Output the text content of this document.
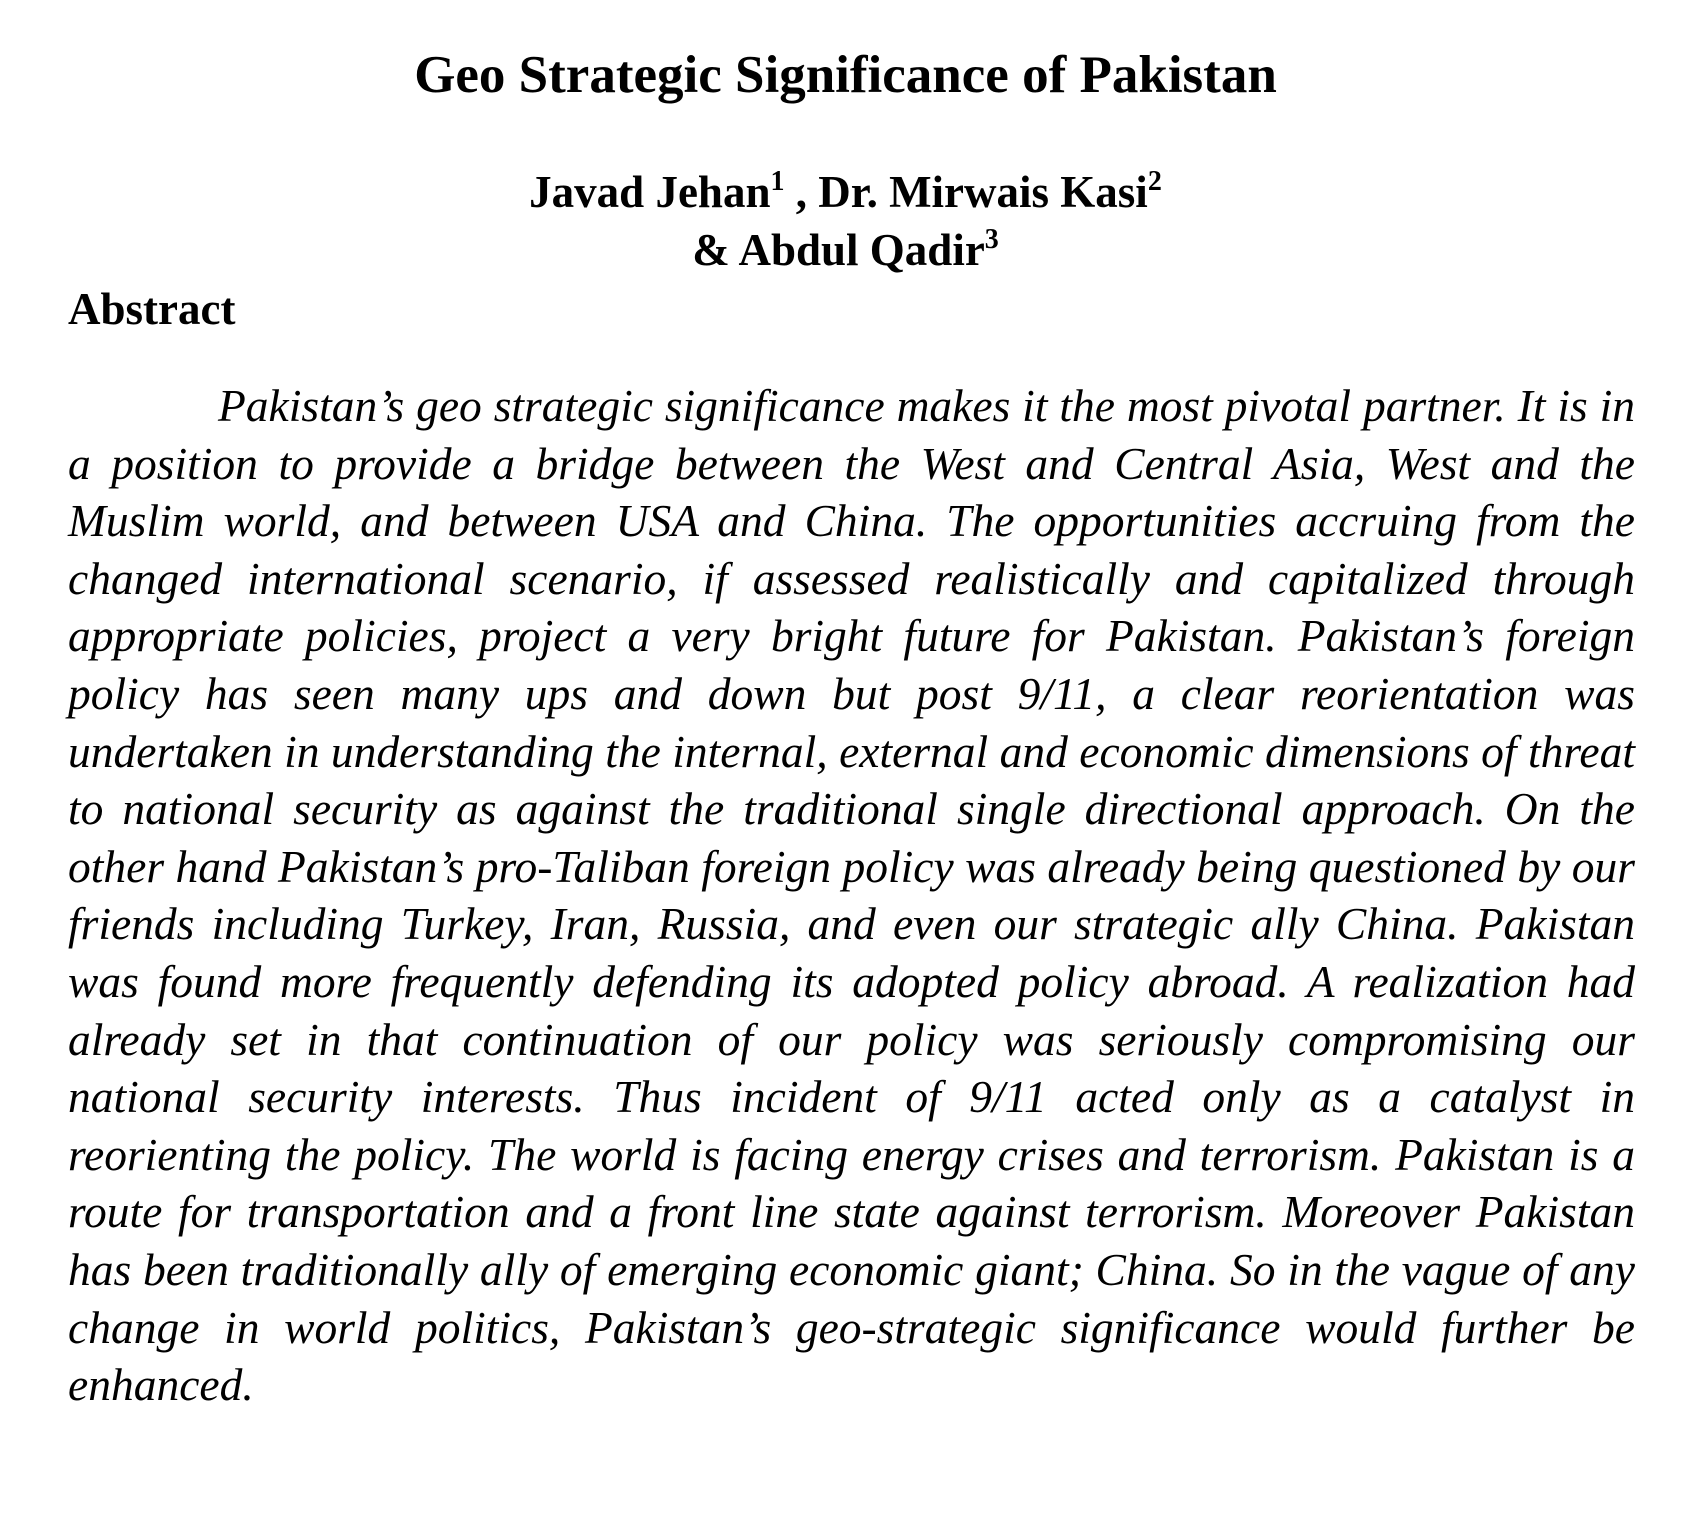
Geo Strategic Significance of Pakistan
Javad Jehan$^1$ , Dr. Mirwais Kasi$^2$
& Abdul Qadir$^3$
Abstract

Pakistan’s geo strategic significance makes it the most pivotal partner. It is in a position to provide a bridge between the West and Central Asia, West and the Muslim world, and between USA and China. The opportunities accruing from the changed international scenario, if assessed realistically and capitalized through appropriate policies, project a very bright future for Pakistan. Pakistan’s foreign policy has seen many ups and down but post 9/11, a clear reorientation was undertaken in understanding the internal, external and economic dimensions of threat to national security as against the traditional single directional approach. On the other hand Pakistan’s pro-Taliban foreign policy was already being questioned by our friends including Turkey, Iran, Russia, and even our strategic ally China. Pakistan was found more frequently defending its adopted policy abroad. A realization had already set in that continuation of our policy was seriously compromising our national security interests. Thus incident of 9/11 acted only as a catalyst in reorienting the policy. The world is facing energy crises and terrorism. Pakistan is a route for transportation and a front line state against terrorism. Moreover Pakistan has been traditionally ally of emerging economic giant; China. So in the vague of any change in world politics, Pakistan’s geo-strategic significance would further be enhanced.
